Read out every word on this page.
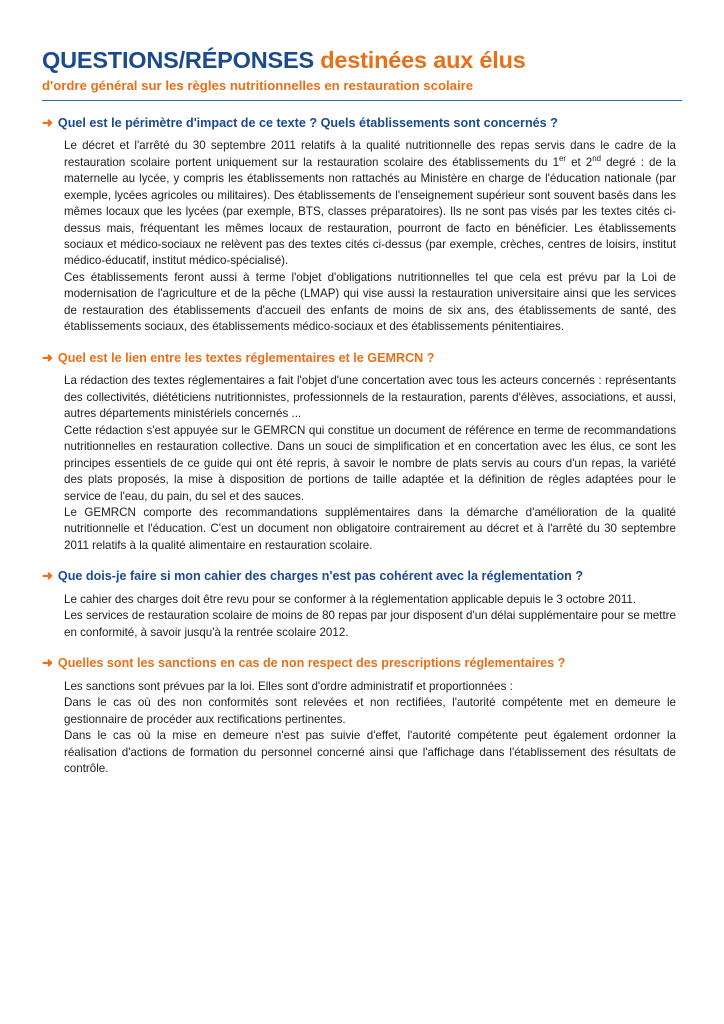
QUESTIONS/RÉPONSES destinées aux élus
d'ordre général sur les règles nutritionnelles en restauration scolaire
➜ Quel est le périmètre d'impact de ce texte ? Quels établissements sont concernés ?

Le décret et l'arrêté du 30 septembre 2011 relatifs à la qualité nutritionnelle des repas servis dans le cadre de la restauration scolaire portent uniquement sur la restauration scolaire des établissements du 1er et 2nd degré : de la maternelle au lycée, y compris les établissements non rattachés au Ministère en charge de l'éducation nationale (par exemple, lycées agricoles ou militaires). Des établissements de l'enseignement supérieur sont souvent basés dans les mêmes locaux que les lycées (par exemple, BTS, classes préparatoires). Ils ne sont pas visés par les textes cités ci-dessus mais, fréquentant les mêmes locaux de restauration, pourront de facto en bénéficier. Les établissements sociaux et médico-sociaux ne relèvent pas des textes cités ci-dessus (par exemple, crèches, centres de loisirs, institut médico-éducatif, institut médico-spécialisé).

Ces établissements feront aussi à terme l'objet d'obligations nutritionnelles tel que cela est prévu par la Loi de modernisation de l'agriculture et de la pêche (LMAP) qui vise aussi la restauration universitaire ainsi que les services de restauration des établissements d'accueil des enfants de moins de six ans, des établissements de santé, des établissements sociaux, des établissements médico-sociaux et des établissements pénitentiaires.

➜ Quel est le lien entre les textes réglementaires et le GEMRCN ?

La rédaction des textes réglementaires a fait l'objet d'une concertation avec tous les acteurs concernés : représentants des collectivités, diététiciens nutritionnistes, professionnels de la restauration, parents d'élèves, associations, et aussi, autres départements ministériels concernés ...

Cette rédaction s'est appuyée sur le GEMRCN qui constitue un document de référence en terme de recommandations nutritionnelles en restauration collective. Dans un souci de simplification et en concertation avec les élus, ce sont les principes essentiels de ce guide qui ont été repris, à savoir le nombre de plats servis au cours d'un repas, la variété des plats proposés, la mise à disposition de portions de taille adaptée et la définition de règles adaptées pour le service de l'eau, du pain, du sel et des sauces.

Le GEMRCN comporte des recommandations supplémentaires dans la démarche d'amélioration de la qualité nutritionnelle et l'éducation. C'est un document non obligatoire contrairement au décret et à l'arrêté du 30 septembre 2011 relatifs à la qualité alimentaire en restauration scolaire.

➜ Que dois-je faire si mon cahier des charges n'est pas cohérent avec la réglementation ?

Le cahier des charges doit être revu pour se conformer à la réglementation applicable depuis le 3 octobre 2011.

Les services de restauration scolaire de moins de 80 repas par jour disposent d'un délai supplémentaire pour se mettre en conformité, à savoir jusqu'à la rentrée scolaire 2012.

➜ Quelles sont les sanctions en cas de non respect des prescriptions réglementaires ?

Les sanctions sont prévues par la loi. Elles sont d'ordre administratif et proportionnées :

Dans le cas où des non conformités sont relevées et non rectifiées, l'autorité compétente met en demeure le gestionnaire de procéder aux rectifications pertinentes.

Dans le cas où la mise en demeure n'est pas suivie d'effet, l'autorité compétente peut également ordonner la réalisation d'actions de formation du personnel concerné ainsi que l'affichage dans l'établissement des résultats de contrôle.
